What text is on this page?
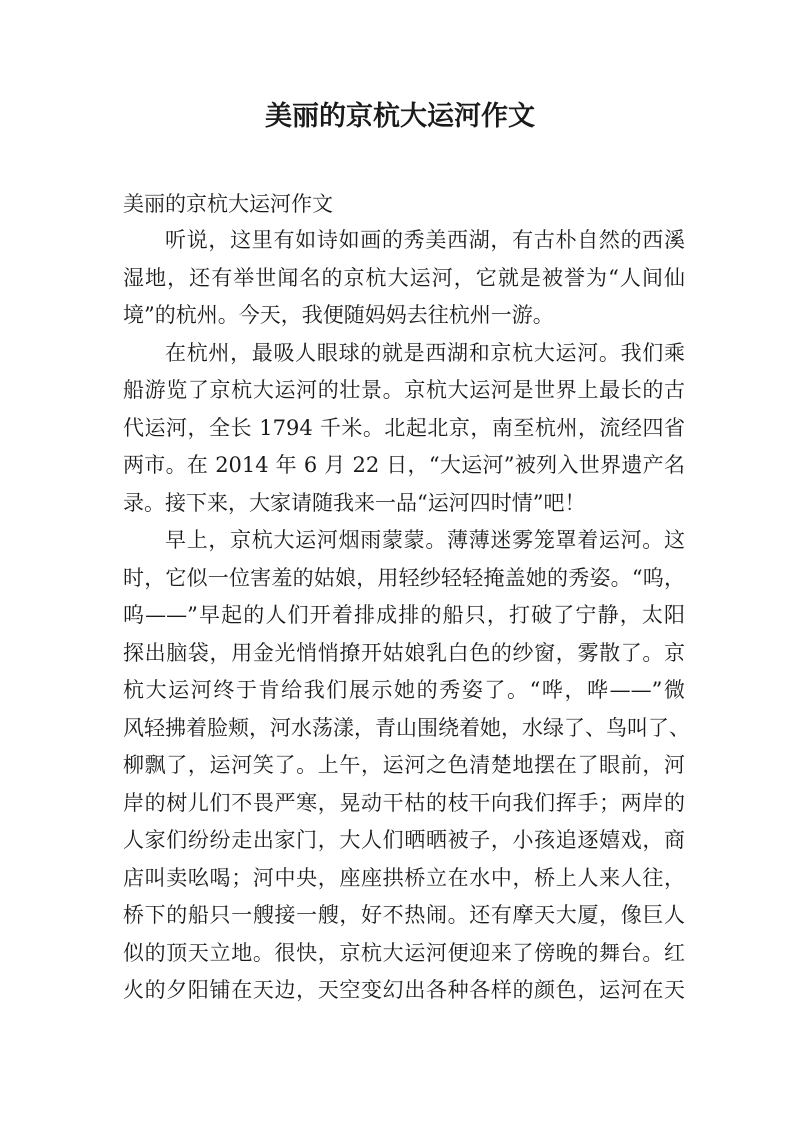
美丽的京杭大运河作文

美丽的京杭大运河作文

听说，这里有如诗如画的秀美西湖，有古朴自然的西溪
湿地，还有举世闻名的京杭大运河，它就是被誉为“人间仙
境”的杭州。今天，我便随妈妈去往杭州一游。

在杭州，最吸人眼球的就是西湖和京杭大运河。我们乘
船游览了京杭大运河的壮景。京杭大运河是世界上最长的古
代运河，全长 1794 千米。北起北京，南至杭州，流经四省
两市。在 2014 年 6 月 22 日，“大运河”被列入世界遗产名
录。接下来，大家请随我来一品“运河四时情”吧！

早上，京杭大运河烟雨蒙蒙。薄薄迷雾笼罩着运河。这
时，它似一位害羞的姑娘，用轻纱轻轻掩盖她的秀姿。“呜，
呜——”早起的人们开着排成排的船只，打破了宁静，太阳
探出脑袋，用金光悄悄撩开姑娘乳白色的纱窗，雾散了。京
杭大运河终于肯给我们展示她的秀姿了。“哗，哗——”微
风轻拂着脸颊，河水荡漾，青山围绕着她，水绿了、鸟叫了、
柳飘了，运河笑了。上午，运河之色清楚地摆在了眼前，河
岸的树儿们不畏严寒，晃动干枯的枝干向我们挥手；两岸的
人家们纷纷走出家门，大人们晒晒被子，小孩追逐嬉戏，商
店叫卖吆喝；河中央，座座拱桥立在水中，桥上人来人往，
桥下的船只一艘接一艘，好不热闹。还有摩天大厦，像巨人
似的顶天立地。很快，京杭大运河便迎来了傍晚的舞台。红
火的夕阳铺在天边，天空变幻出各种各样的颜色，运河在天
